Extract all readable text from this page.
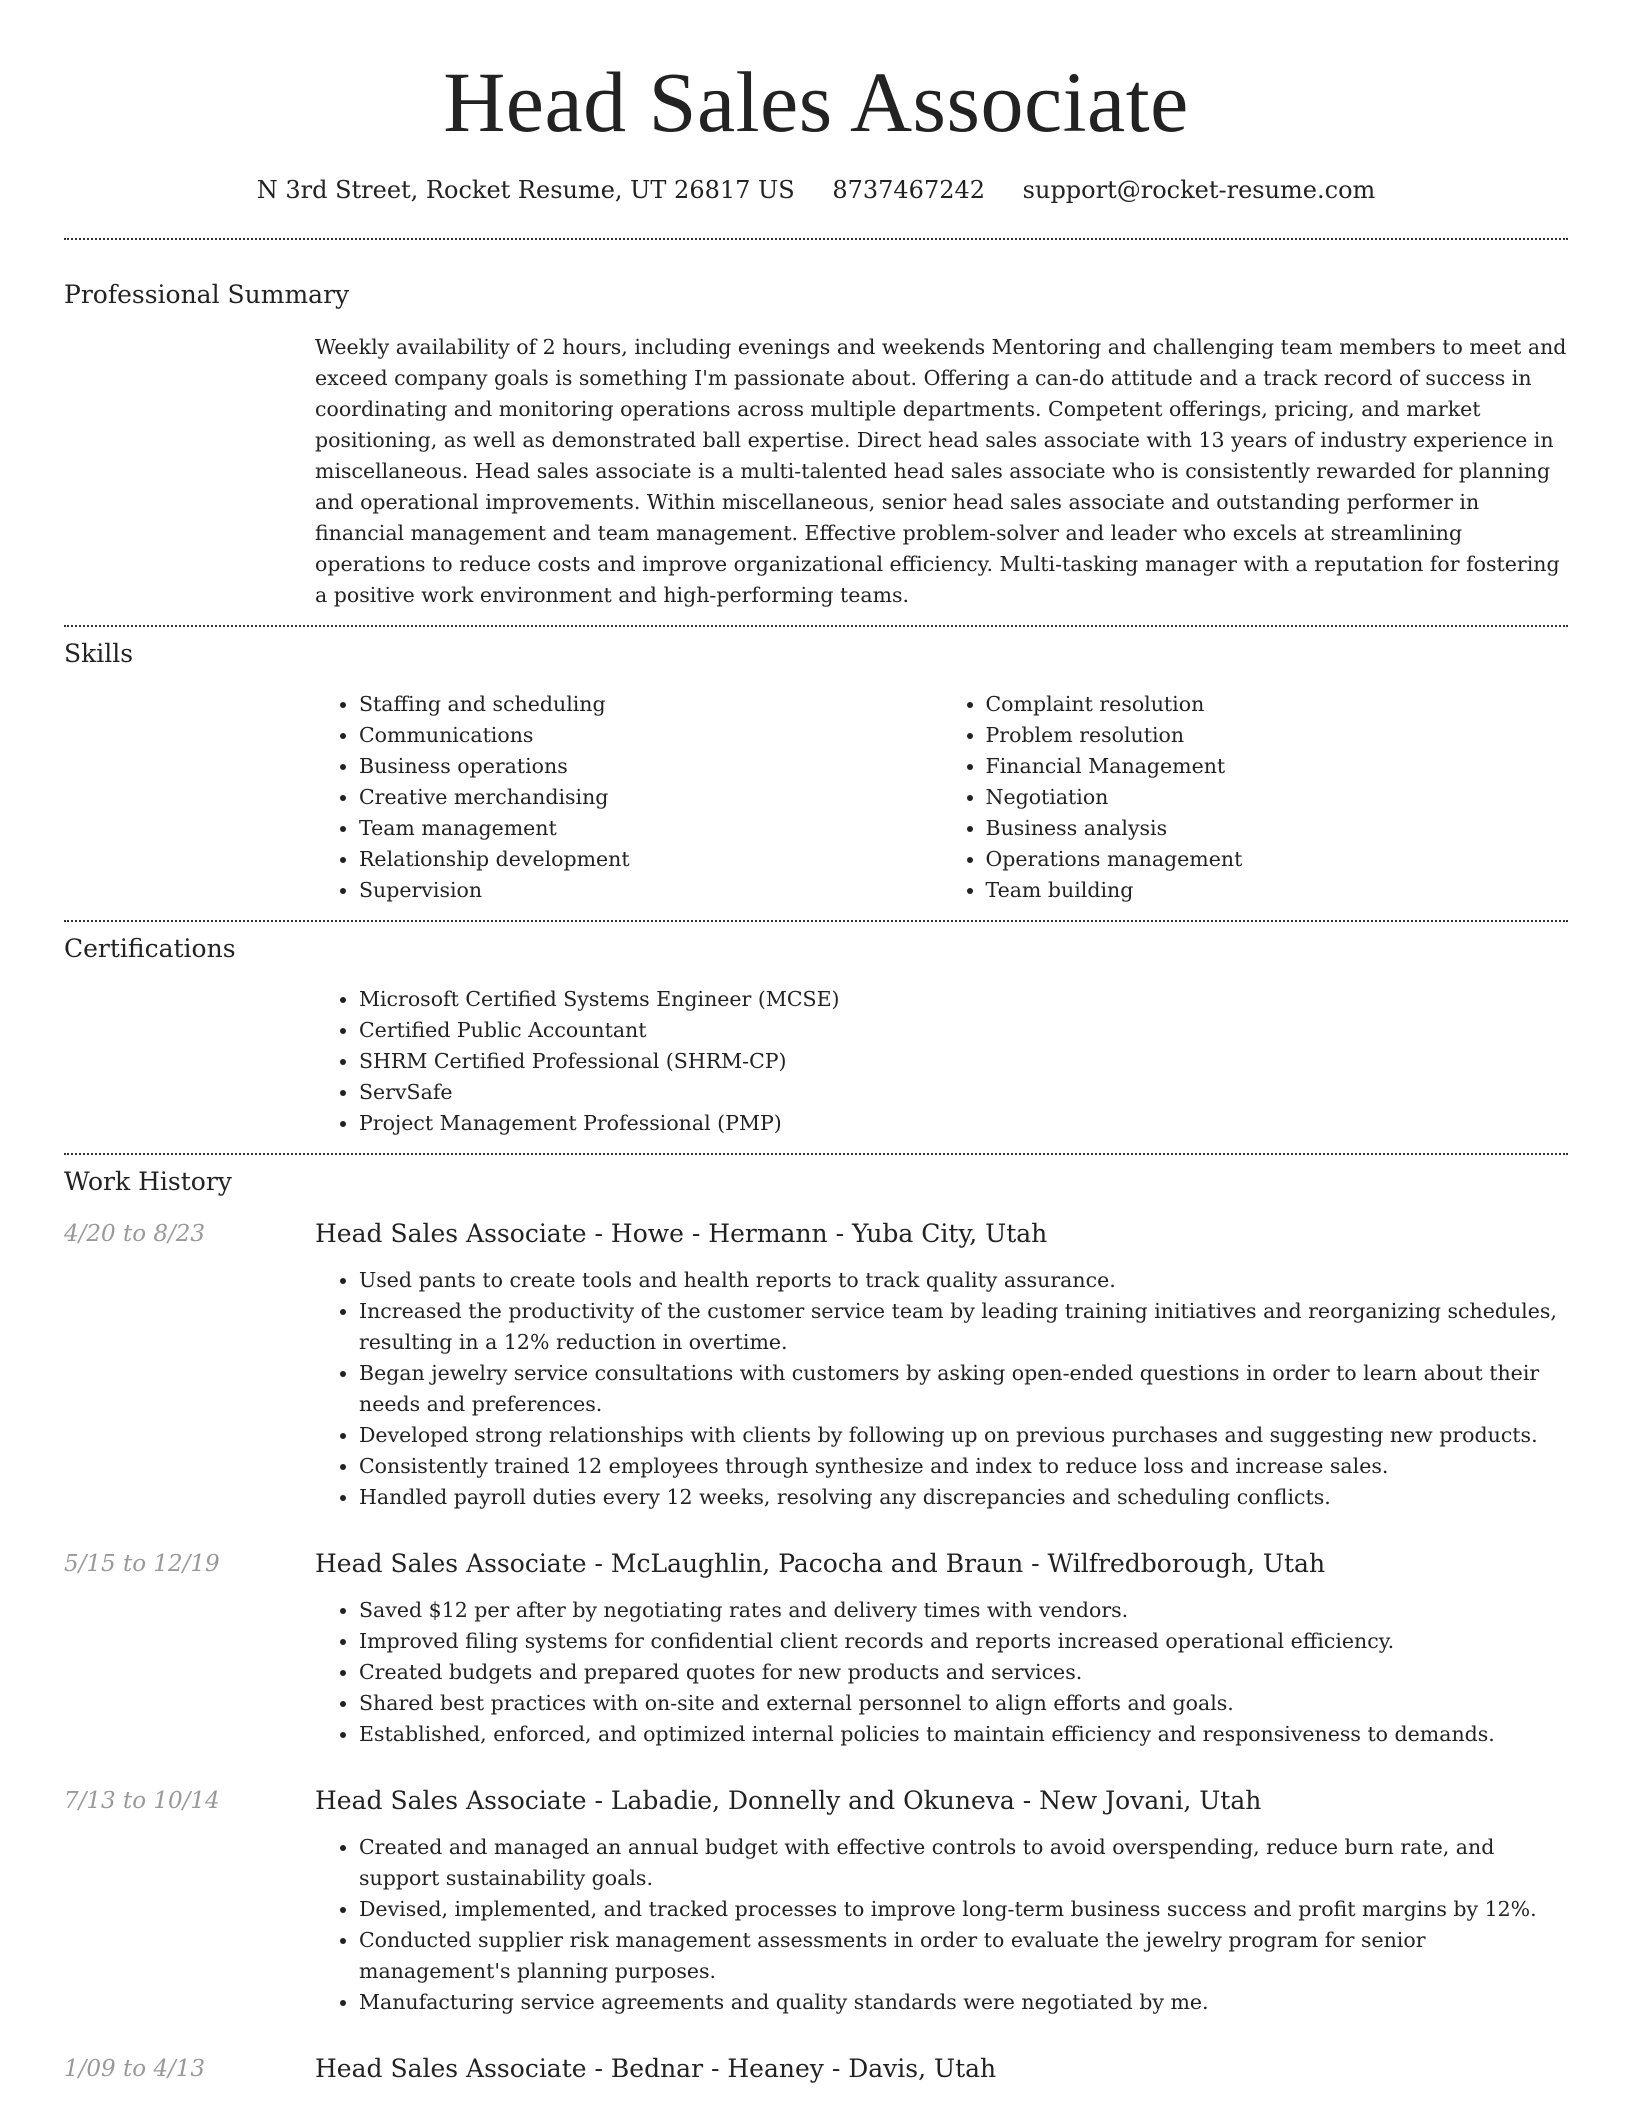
Head Sales Associate
N 3rd Street, Rocket Resume, UT 26817 US 8737467242 support@rocket-resume.com
Professional Summary
Weekly availability of 2 hours, including evenings and weekends Mentoring and challenging team members to meet and exceed company goals is something I'm passionate about. Offering a can-do attitude and a track record of success in coordinating and monitoring operations across multiple departments. Competent offerings, pricing, and market positioning, as well as demonstrated ball expertise. Direct head sales associate with 13 years of industry experience in miscellaneous. Head sales associate is a multi-talented head sales associate who is consistently rewarded for planning and operational improvements. Within miscellaneous, senior head sales associate and outstanding performer in financial management and team management. Effective problem-solver and leader who excels at streamlining operations to reduce costs and improve organizational efficiency. Multi-tasking manager with a reputation for fostering a positive work environment and high-performing teams.
Skills
• Staffing and scheduling
• Communications
• Business operations
• Creative merchandising
• Team management
• Relationship development
• Supervision
• Complaint resolution
• Problem resolution
• Financial Management
• Negotiation
• Business analysis
• Operations management
• Team building
Certifications
• Microsoft Certified Systems Engineer (MCSE)
• Certified Public Accountant
• SHRM Certified Professional (SHRM-CP)
• ServSafe
• Project Management Professional (PMP)
Work History
4/20 to 8/23	Head Sales Associate - Howe - Hermann - Yuba City, Utah
• Used pants to create tools and health reports to track quality assurance.
• Increased the productivity of the customer service team by leading training initiatives and reorganizing schedules, resulting in a 12% reduction in overtime.
• Began jewelry service consultations with customers by asking open-ended questions in order to learn about their needs and preferences.
• Developed strong relationships with clients by following up on previous purchases and suggesting new products.
• Consistently trained 12 employees through synthesize and index to reduce loss and increase sales.
• Handled payroll duties every 12 weeks, resolving any discrepancies and scheduling conflicts.
5/15 to 12/19	Head Sales Associate - McLaughlin, Pacocha and Braun - Wilfredborough, Utah
• Saved $12 per after by negotiating rates and delivery times with vendors.
• Improved filing systems for confidential client records and reports increased operational efficiency.
• Created budgets and prepared quotes for new products and services.
• Shared best practices with on-site and external personnel to align efforts and goals.
• Established, enforced, and optimized internal policies to maintain efficiency and responsiveness to demands.
7/13 to 10/14	Head Sales Associate - Labadie, Donnelly and Okuneva - New Jovani, Utah
• Created and managed an annual budget with effective controls to avoid overspending, reduce burn rate, and support sustainability goals.
• Devised, implemented, and tracked processes to improve long-term business success and profit margins by 12%.
• Conducted supplier risk management assessments in order to evaluate the jewelry program for senior management's planning purposes.
• Manufacturing service agreements and quality standards were negotiated by me.
1/09 to 4/13	Head Sales Associate - Bednar - Heaney - Davis, Utah
